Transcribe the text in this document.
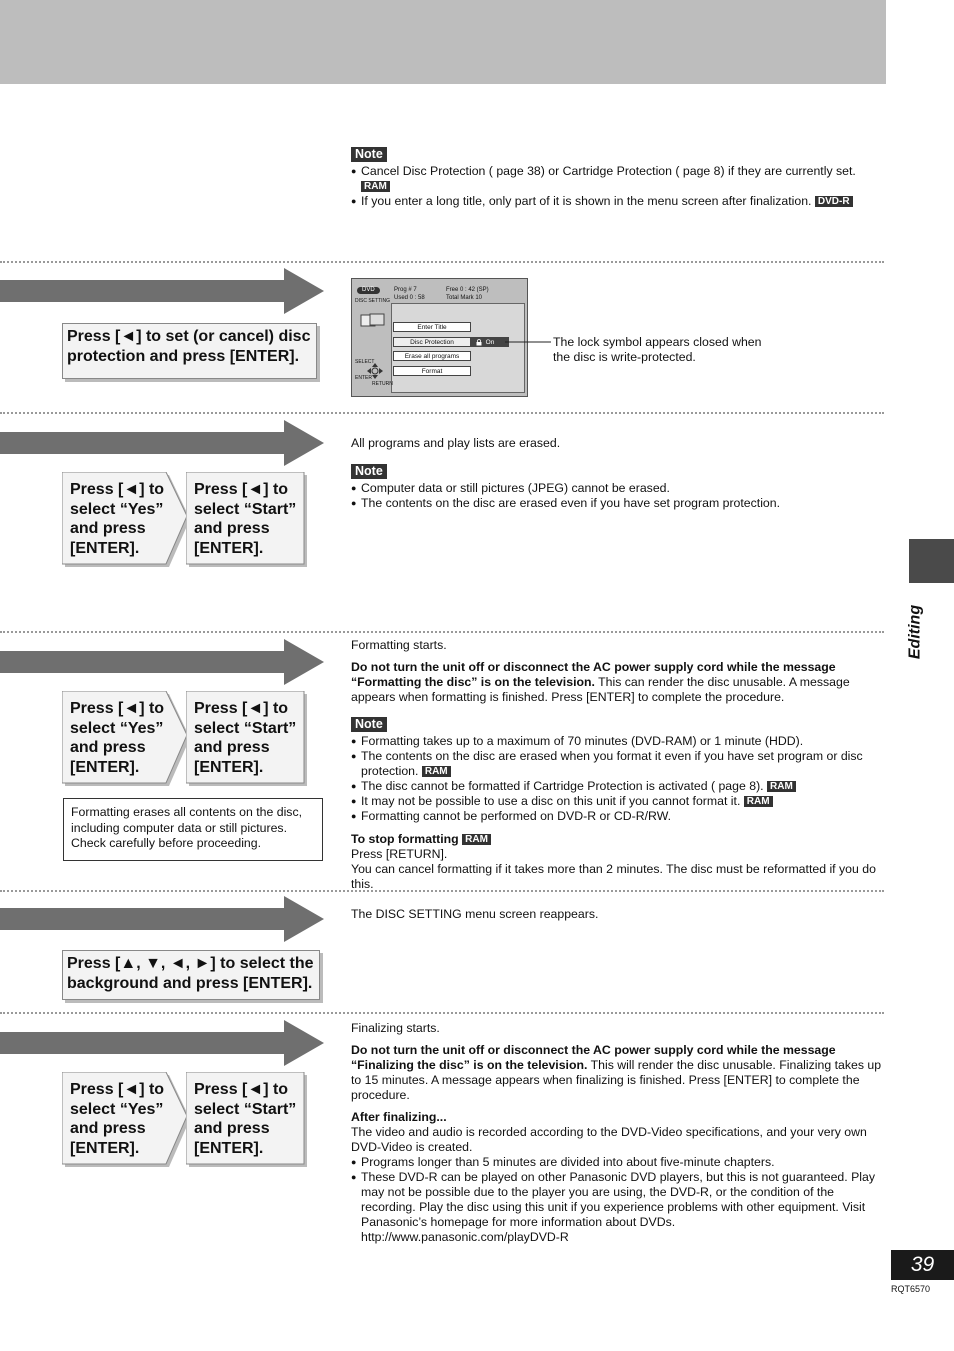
Editing
39
RQT6570
Note
● Cancel Disc Protection ( page 38) or Cartridge Protection ( page 8) if they are currently set. RAM
● If you enter a long title, only part of it is shown in the menu screen after finalization. DVD-R
Press [◄] to set (or cancel) disc protection and press [ENTER].
DVD
DISC SETTING
Prog # 7	Free 0 : 42 (SP)
Used 0 : 58	Total Mark 10
Enter Title
Disc Protection	On
Erase all programs
Format
SELECT
ENTER
RETURN
The lock symbol appears closed when the disc is write-protected.
Press [◄] to select “Yes” and press [ENTER].
Press [◄] to select “Start” and press [ENTER].

All programs and play lists are erased.

Note
● Computer data or still pictures (JPEG) cannot be erased.
● The contents on the disc are erased even if you have set program protection.
Press [◄] to select “Yes” and press [ENTER].
Press [◄] to select “Start” and press [ENTER].
Formatting erases all contents on the disc, including computer data or still pictures. Check carefully before proceeding.

Formatting starts.

Do not turn the unit off or disconnect the AC power supply cord while the message “Formatting the disc” is on the television. This can render the disc unusable. A message appears when formatting is finished. Press [ENTER] to complete the procedure.

Note
● Formatting takes up to a maximum of 70 minutes (DVD-RAM) or 1 minute (HDD).
● The contents on the disc are erased when you format it even if you have set program or disc protection. RAM
● The disc cannot be formatted if Cartridge Protection is activated ( page 8). RAM
● It may not be possible to use a disc on this unit if you cannot format it. RAM
● Formatting cannot be performed on DVD-R or CD-R/RW.

To stop formatting RAM

Press [RETURN].

You can cancel formatting if it takes more than 2 minutes. The disc must be reformatted if you do this.

Press [▲, ▼, ◄, ►] to select the background and press [ENTER].

The DISC SETTING menu screen reappears.

Press [◄] to select “Yes” and press [ENTER].
Press [◄] to select “Start” and press [ENTER].

Finalizing starts.

Do not turn the unit off or disconnect the AC power supply cord while the message “Finalizing the disc” is on the television. This will render the disc unusable. Finalizing takes up to 15 minutes. A message appears when finalizing is finished. Press [ENTER] to complete the procedure.

After finalizing...

The video and audio is recorded according to the DVD-Video specifications, and your very own DVD-Video is created.

● Programs longer than 5 minutes are divided into about five-minute chapters.
● These DVD-R can be played on other Panasonic DVD players, but this is not guaranteed. Play may not be possible due to the player you are using, the DVD-R, or the condition of the recording. Play the disc using this unit if you experience problems with other equipment. Visit Panasonic’s homepage for more information about DVDs.
http://www.panasonic.com/playDVD-R
